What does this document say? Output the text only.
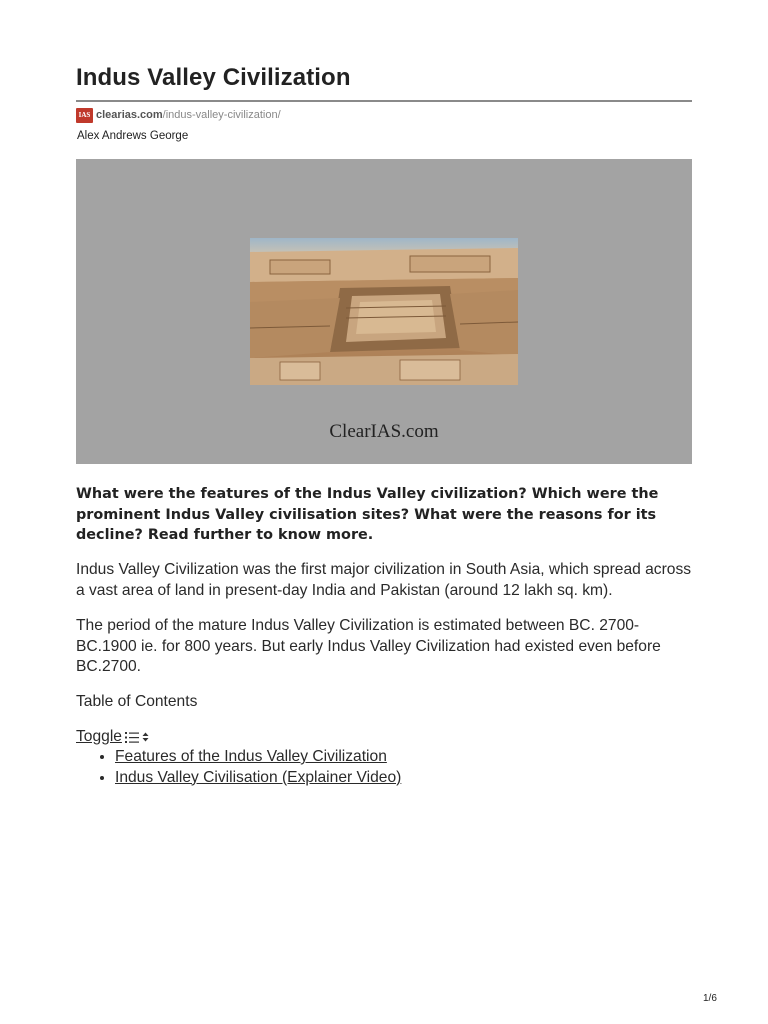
Indus Valley Civilization
IAS clearias.com /indus-valley-civilization/
Alex Andrews George
ClearIAS.com

What were the features of the Indus Valley civilization? Which were the prominent Indus Valley civilisation sites? What were the reasons for its decline? Read further to know more.

Indus Valley Civilization was the first major civilization in South Asia, which spread across a vast area of land in present-day India and Pakistan (around 12 lakh sq. km).

The period of the mature Indus Valley Civilization is estimated between BC. 2700-BC.1900 ie. for 800 years. But early Indus Valley Civilization had existed even before BC.2700.

Table of Contents

Toggle
• Features of the Indus Valley Civilization
• Indus Valley Civilisation (Explainer Video)
1/6
